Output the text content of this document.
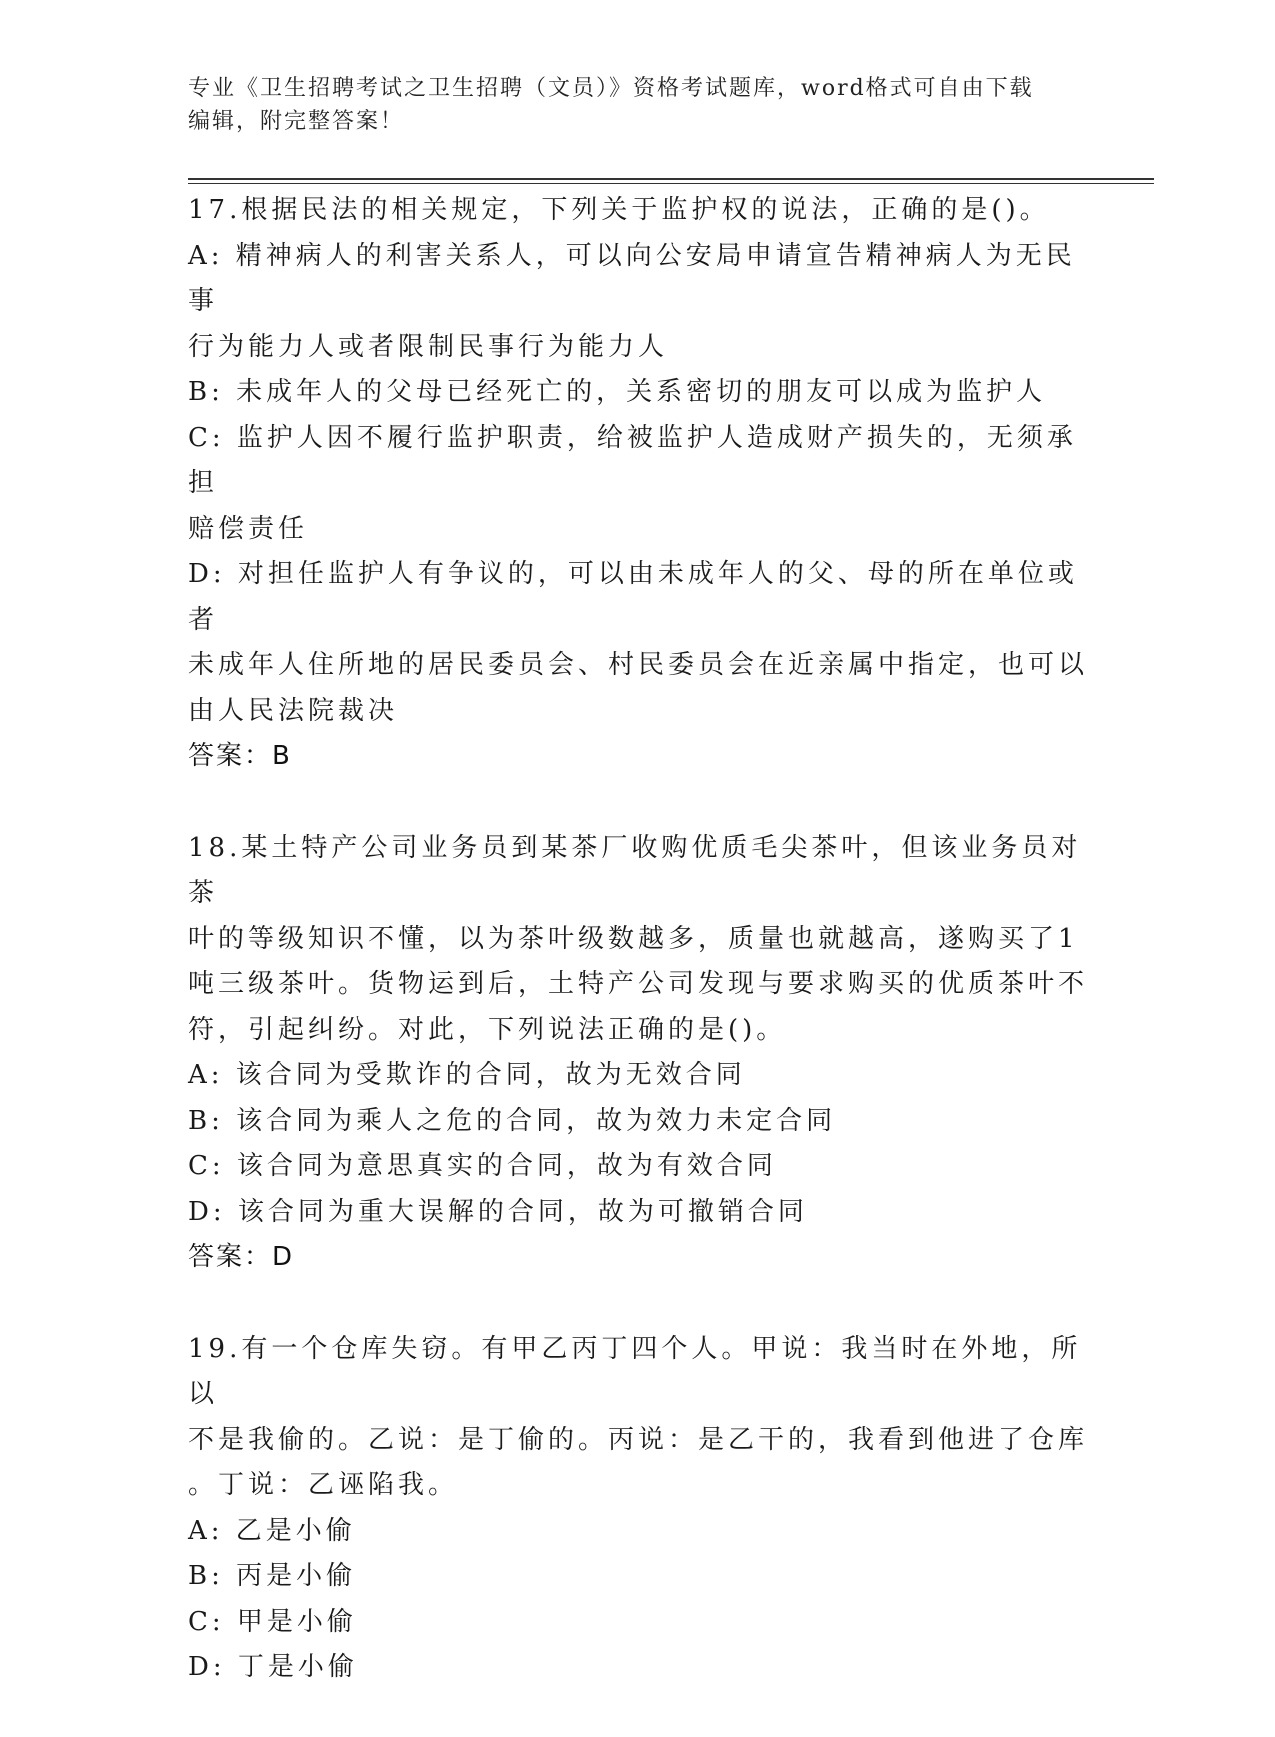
专业《卫生招聘考试之卫生招聘（文员）》资格考试题库，word格式可自由下载
编辑，附完整答案！
17.根据民法的相关规定，下列关于监护权的说法，正确的是()。
A: 精神病人的利害关系人，可以向公安局申请宣告精神病人为无民事
行为能力人或者限制民事行为能力人
B: 未成年人的父母已经死亡的，关系密切的朋友可以成为监护人
C: 监护人因不履行监护职责，给被监护人造成财产损失的，无须承担
赔偿责任
D: 对担任监护人有争议的，可以由未成年人的父、母的所在单位或者
未成年人住所地的居民委员会、村民委员会在近亲属中指定，也可以
由人民法院裁决
答案：B
18.某土特产公司业务员到某茶厂收购优质毛尖茶叶，但该业务员对茶
叶的等级知识不懂，以为茶叶级数越多，质量也就越高，遂购买了1
吨三级茶叶。货物运到后，土特产公司发现与要求购买的优质茶叶不
符，引起纠纷。对此，下列说法正确的是()。
A: 该合同为受欺诈的合同，故为无效合同
B: 该合同为乘人之危的合同，故为效力未定合同
C: 该合同为意思真实的合同，故为有效合同
D: 该合同为重大误解的合同，故为可撤销合同
答案：D
19.有一个仓库失窃。有甲乙丙丁四个人。甲说：我当时在外地，所以
不是我偷的。乙说：是丁偷的。丙说：是乙干的，我看到他进了仓库
。丁说：乙诬陷我。
A: 乙是小偷
B: 丙是小偷
C: 甲是小偷
D: 丁是小偷
